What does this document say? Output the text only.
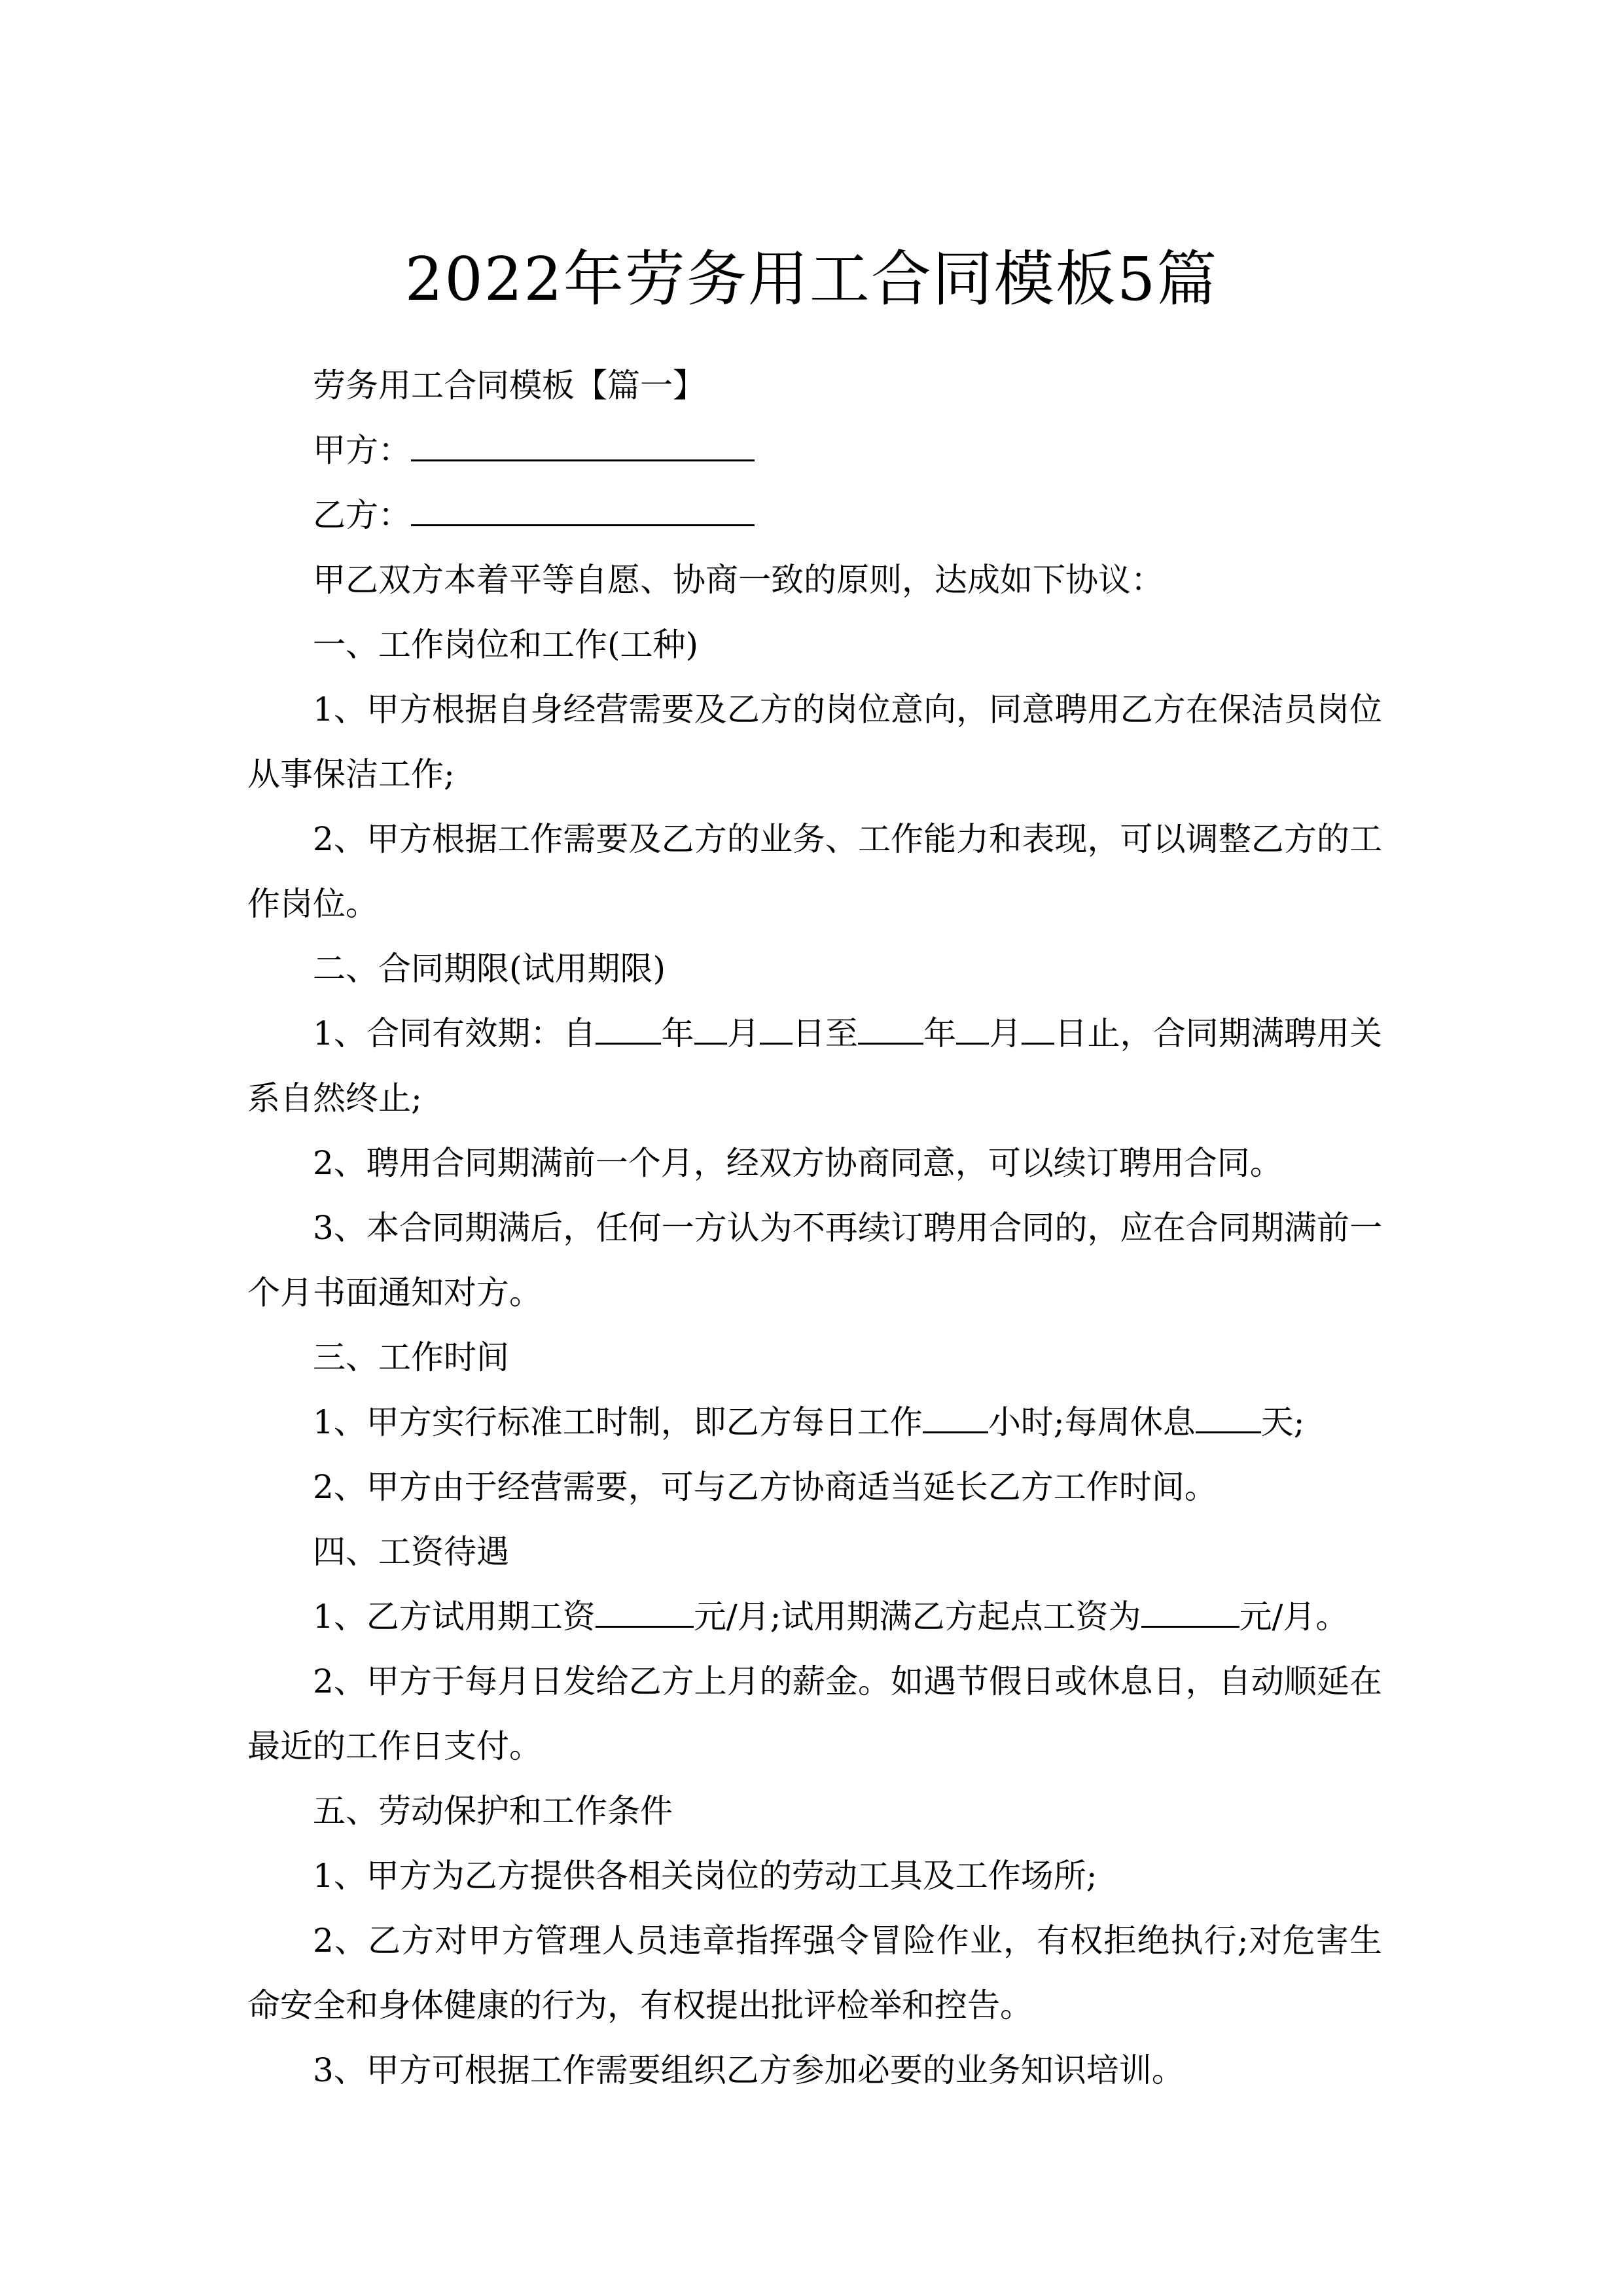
2022年劳务用工合同模板5篇

劳务用工合同模板【篇一】

甲方：

乙方：

甲乙双方本着平等自愿、协商一致的原则，达成如下协议：

一、工作岗位和工作(工种)

1、甲方根据自身经营需要及乙方的岗位意向，同意聘用乙方在保洁员岗位从事保洁工作;

2、甲方根据工作需要及乙方的业务、工作能力和表现，可以调整乙方的工作岗位。

二、合同期限(试用期限)

1、合同有效期：自 年 月 日至 年 月 日止，合同期满聘用关系自然终止;

2、聘用合同期满前一个月，经双方协商同意，可以续订聘用合同。

3、本合同期满后，任何一方认为不再续订聘用合同的，应在合同期满前一个月书面通知对方。

三、工作时间

1、甲方实行标准工时制，即乙方每日工作 小时;每周休息 天;

2、甲方由于经营需要，可与乙方协商适当延长乙方工作时间。

四、工资待遇

1、乙方试用期工资	元/月;试用期满乙方起点工资为	元/月。

2、甲方于每月日发给乙方上月的薪金。如遇节假日或休息日，自动顺延在最近的工作日支付。

五、劳动保护和工作条件

1、甲方为乙方提供各相关岗位的劳动工具及工作场所;

2、乙方对甲方管理人员违章指挥强令冒险作业，有权拒绝执行;对危害生命安全和身体健康的行为，有权提出批评检举和控告。

3、甲方可根据工作需要组织乙方参加必要的业务知识培训。
